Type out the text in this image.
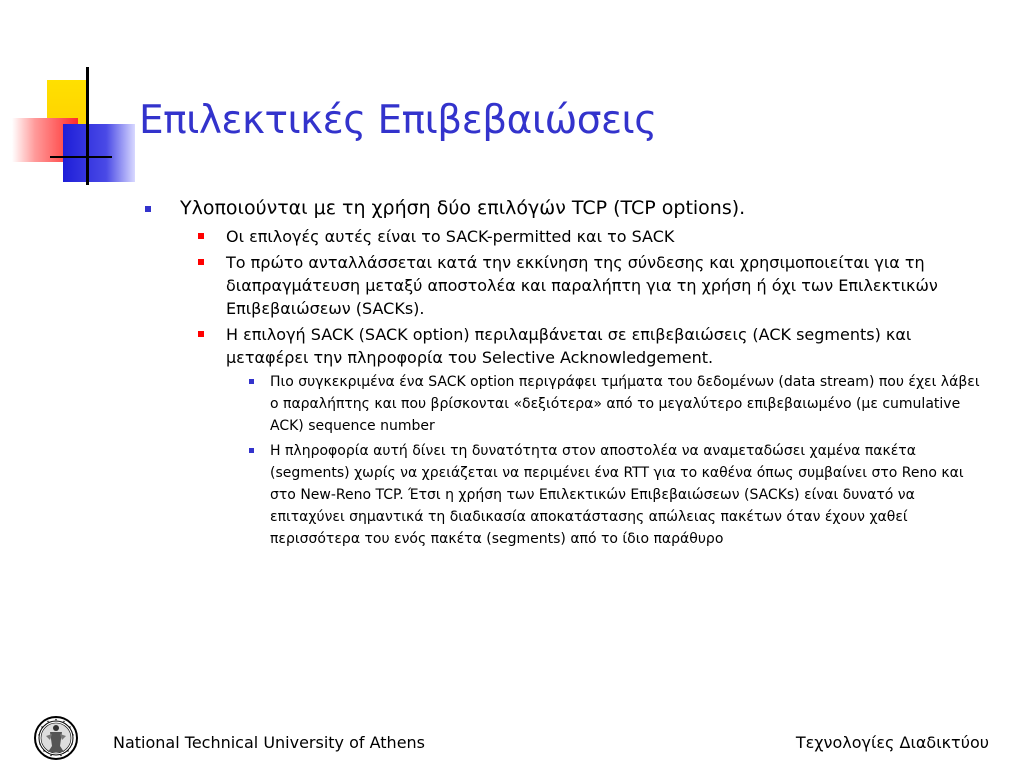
Επιλεκτικές Επιβεβαιώσεις
Υλοποιούνται με τη χρήση δύο επιλόγών TCP (TCP options).
Οι επιλογές αυτές είναι το SACK-permitted και το SACK
Το πρώτο ανταλλάσσεται κατά την εκκίνηση της σύνδεσης και χρησιμοποιείται για τη διαπραγμάτευση μεταξύ αποστολέα και παραλήπτη για τη χρήση ή όχι των Επιλεκτικών Επιβεβαιώσεων (SACKs).
Η επιλογή SACK (SACK option) περιλαμβάνεται σε επιβεβαιώσεις (ACK segments) και μεταφέρει την πληροφορία του Selective Acknowledgement.
Πιο συγκεκριμένα ένα SACK option περιγράφει τμήματα του δεδομένων (data stream) που έχει λάβει ο παραλήπτης και που βρίσκονται «δεξιότερα» από το μεγαλύτερο επιβεβαιωμένο (με cumulative ACK) sequence number
Η πληροφορία αυτή δίνει τη δυνατότητα στον αποστολέα να αναμεταδώσει χαμένα πακέτα (segments) χωρίς να χρειάζεται να περιμένει ένα RTT για το καθένα όπως συμβαίνει στο Reno και στο New-Reno TCP. Έτσι η χρήση των Επιλεκτικών Επιβεβαιώσεων (SACKs) είναι δυνατό να επιταχύνει σημαντικά τη διαδικασία αποκατάστασης απώλειας πακέτων όταν έχουν χαθεί περισσότερα του ενός πακέτα (segments) από το ίδιο παράθυρο
National Technical University of Athens	Τεχνολογίες Διαδικτύου
